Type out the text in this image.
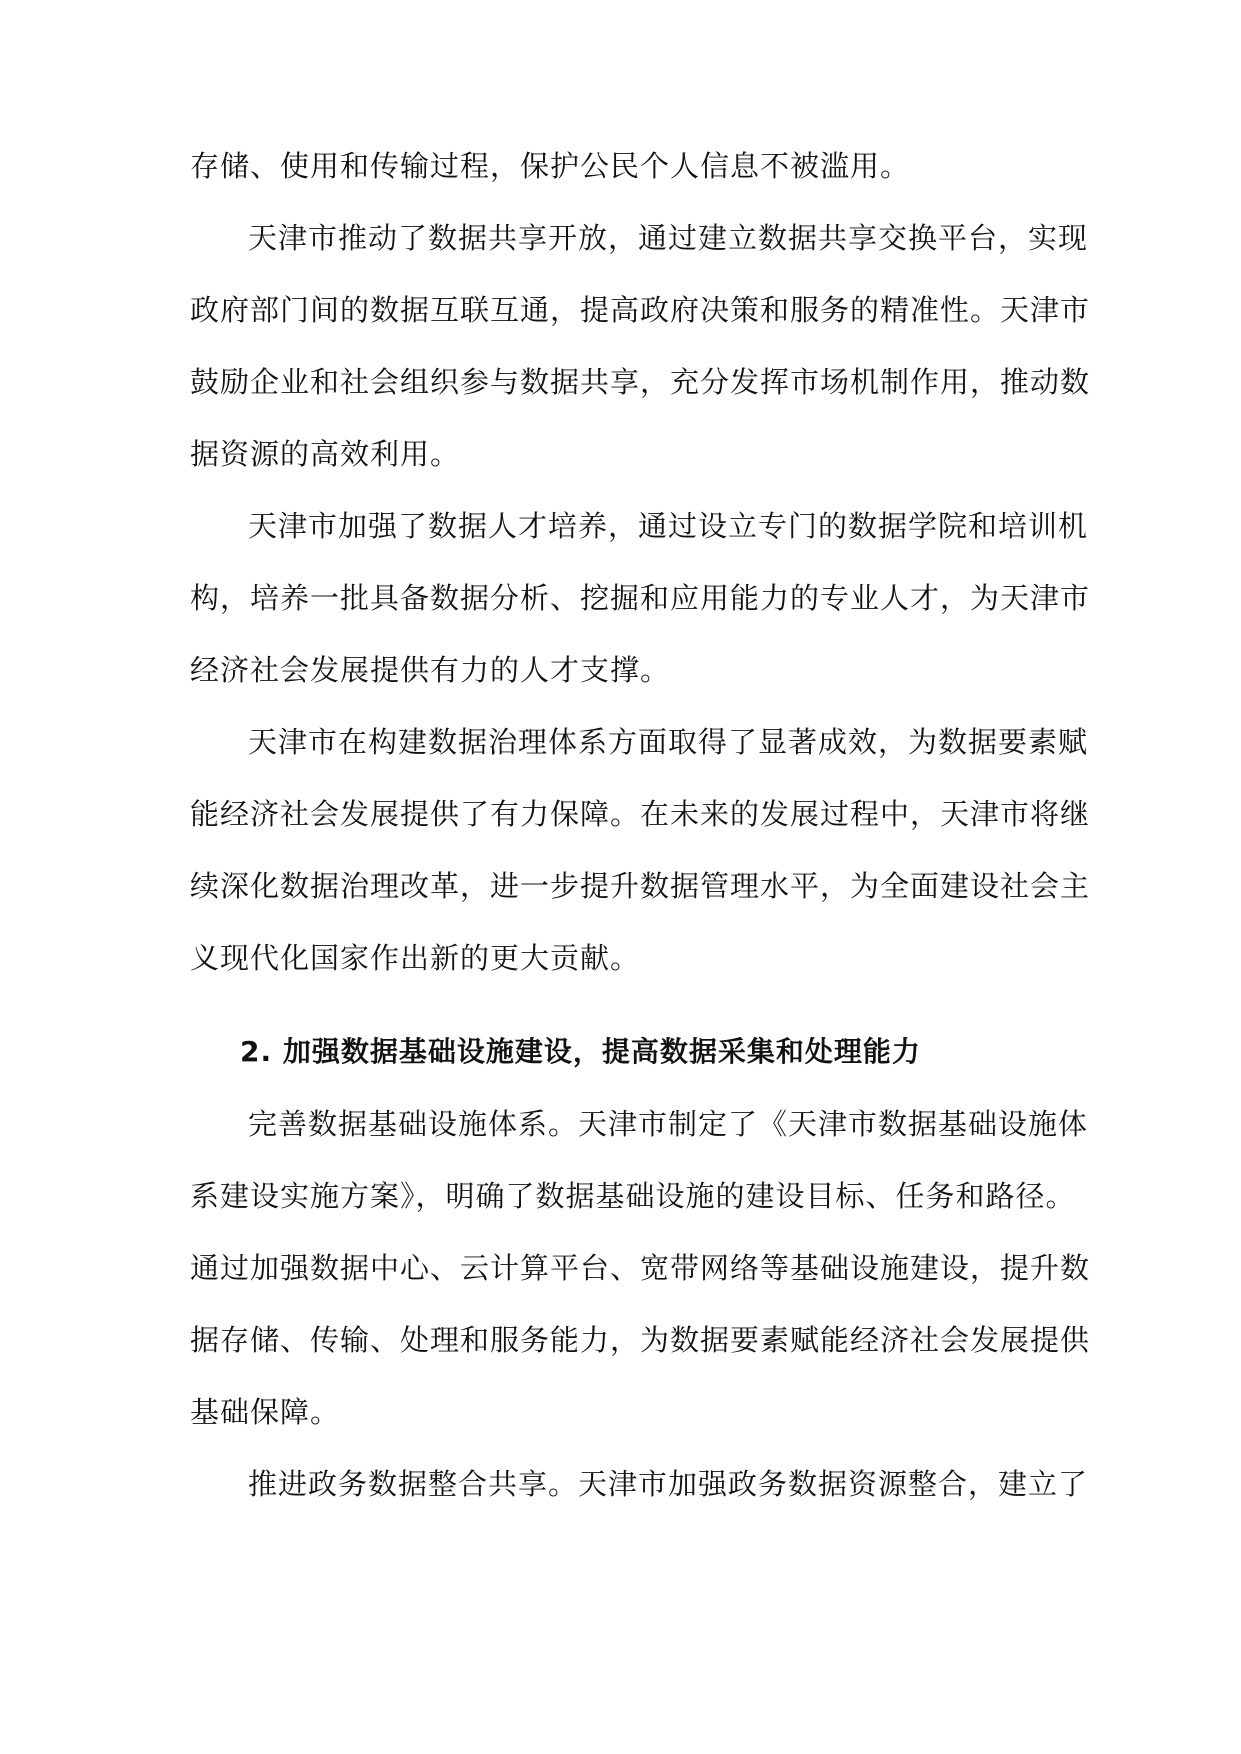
存储、使用和传输过程，保护公民个人信息不被滥用。
天津市推动了数据共享开放，通过建立数据共享交换平台，实现
政府部门间的数据互联互通，提高政府决策和服务的精准性。天津市
鼓励企业和社会组织参与数据共享，充分发挥市场机制作用，推动数
据资源的高效利用。
天津市加强了数据人才培养，通过设立专门的数据学院和培训机
构，培养一批具备数据分析、挖掘和应用能力的专业人才，为天津市
经济社会发展提供有力的人才支撑。
天津市在构建数据治理体系方面取得了显著成效，为数据要素赋
能经济社会发展提供了有力保障。在未来的发展过程中，天津市将继
续深化数据治理改革，进一步提升数据管理水平，为全面建设社会主
义现代化国家作出新的更大贡献。
2. 加强数据基础设施建设，提高数据采集和处理能力
完善数据基础设施体系。天津市制定了《天津市数据基础设施体
系建设实施方案》，明确了数据基础设施的建设目标、任务和路径。
通过加强数据中心、云计算平台、宽带网络等基础设施建设，提升数
据存储、传输、处理和服务能力，为数据要素赋能经济社会发展提供
基础保障。
推进政务数据整合共享。天津市加强政务数据资源整合，建立了
